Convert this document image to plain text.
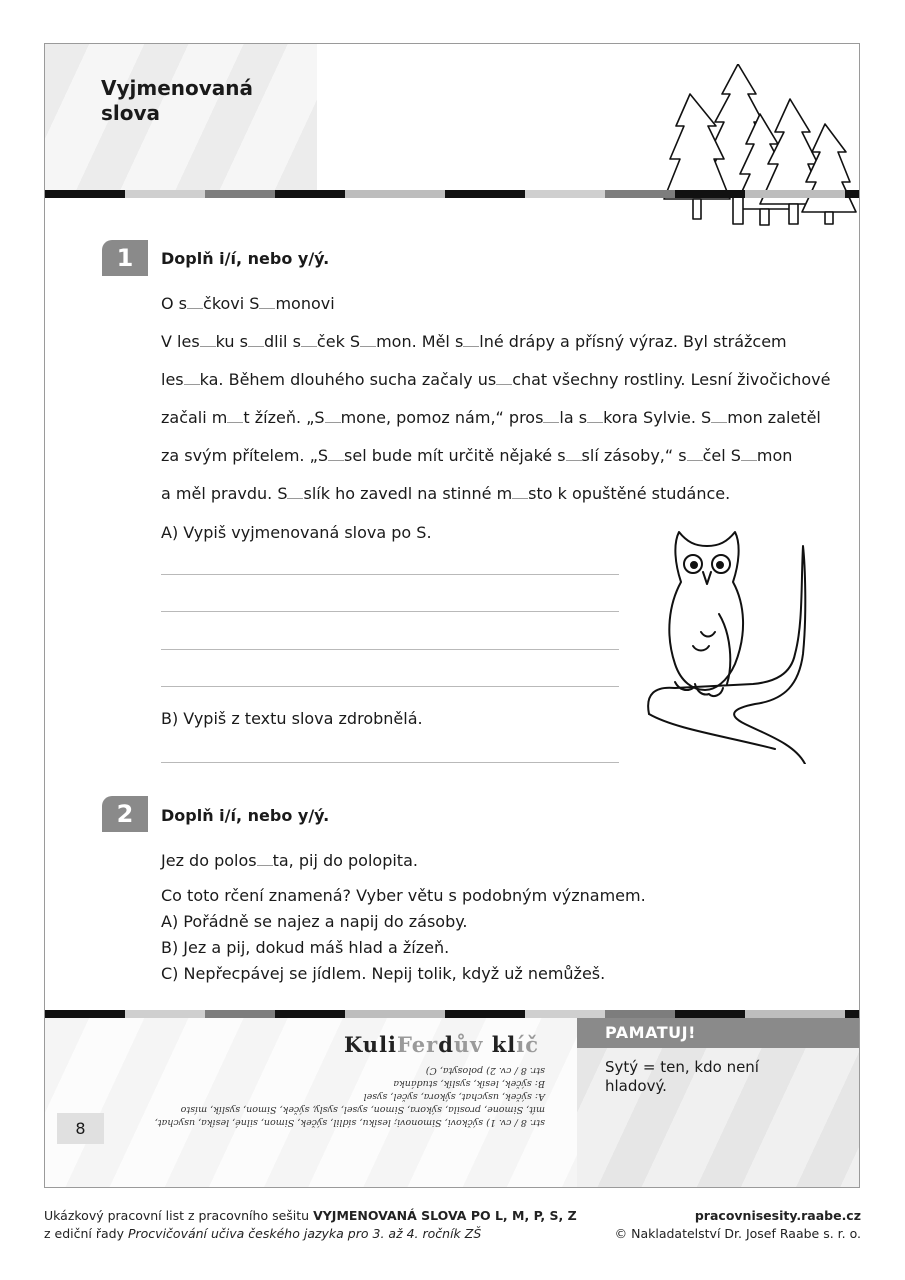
Vyjmenovaná slova
1	Doplň i/í, nebo y/ý.
O s čkovi S monovi
V les ku s dlil s ček S mon. Měl s lné drápy a přísný výraz. Byl strážcem
les ka. Během dlouhého sucha začaly us chat všechny rostliny. Lesní živočichové
začali m t žízeň. „S mone, pomoz nám,“ pros la s kora Sylvie. S mon zaletěl
za svým přítelem. „S sel bude mít určitě nějaké s slí zásoby,“ s čel S mon
a měl pravdu. S slík ho zavedl na stinné m sto k opuštěné studánce.
A) Vypiš vyjmenovaná slova po S.
B) Vypiš z textu slova zdrobnělá.
2	Doplň i/í, nebo y/ý.
Jez do polos ta, pij do polopita.
Co toto rčení znamená? Vyber větu s podobným významem.
A) Pořádně se najez a napij do zásoby.
B) Jez a pij, dokud máš hlad a žízeň.
C) Nepřecpávej se jídlem. Nepij tolik, když už nemůžeš.
KuliFerdův klíč
str. 8 / cv. 1) sýčkovi, Simonovi; lesíku, sídlil, sýček, Simon, silné, lesíka, usychat,
mít, Simone, prosila, sýkora, Simon, sysel, sysly, sýček, Simon, syslík, místo
A: sýček, usychat, sýkora, syčel, sysel
B: sýček, lesík, syslík, studánka
str. 8 / cv. 2) polosyta, C)
PAMATUJ!
Sytý = ten, kdo není hladový.
8
Ukázkový pracovní list z pracovního sešitu VYJMENOVANÁ SLOVA PO L, M, P, S, Z
z ediční řady Procvičování učiva českého jazyka pro 3. až 4. ročník ZŠ
pracovnisesity.raabe.cz
© Nakladatelství Dr. Josef Raabe s. r. o.
